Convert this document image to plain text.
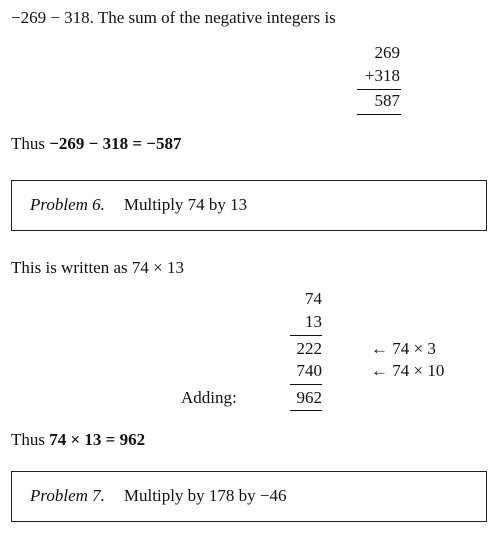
−269 − 318. The sum of the negative integers is
269
+318
587
Thus −269 − 318 = −587
Problem 6. Multiply 74 by 13
This is written as 74 × 13
74
13
222	← 74 × 3
740	← 74 × 10
Adding:	962
Thus 74 × 13 = 962
Problem 7. Multiply by 178 by −46
